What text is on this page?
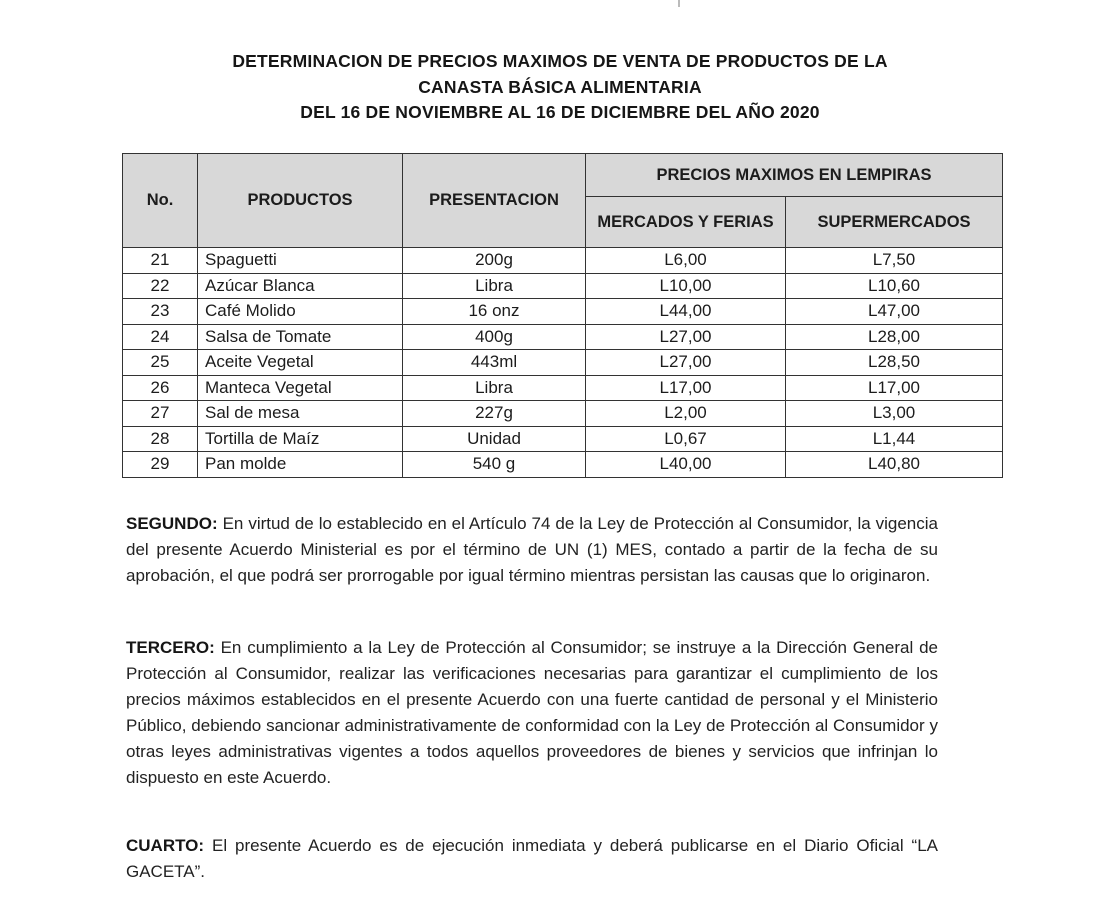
DETERMINACION DE PRECIOS MAXIMOS DE VENTA DE PRODUCTOS DE LA
CANASTA BÁSICA ALIMENTARIA
DEL 16 DE NOVIEMBRE AL 16 DE DICIEMBRE DEL AÑO 2020
No.	PRODUCTOS	PRESENTACION	PRECIOS MAXIMOS EN LEMPIRAS	
			MERCADOS Y FERIAS	SUPERMERCADOS
21	Spaguetti	200g	L6,00	L7,50
22	Azúcar Blanca	Libra	L10,00	L10,60
23	Café Molido	16 onz	L44,00	L47,00
24	Salsa de Tomate	400g	L27,00	L28,00
25	Aceite Vegetal	443ml	L27,00	L28,50
26	Manteca Vegetal	Libra	L17,00	L17,00
27	Sal de mesa	227g	L2,00	L3,00
28	Tortilla de Maíz	Unidad	L0,67	L1,44
29	Pan molde	540 g	L40,00	L40,80

SEGUNDO: En virtud de lo establecido en el Artículo 74 de la Ley de Protección al Consumidor, la vigencia del presente Acuerdo Ministerial es por el término de UN (1) MES, contado a partir de la fecha de su aprobación, el que podrá ser prorrogable por igual término mientras persistan las causas que lo originaron.

TERCERO: En cumplimiento a la Ley de Protección al Consumidor; se instruye a la Dirección General de Protección al Consumidor, realizar las verificaciones necesarias para garantizar el cumplimiento de los precios máximos establecidos en el presente Acuerdo con una fuerte cantidad de personal y el Ministerio Público, debiendo sancionar administrativamente de conformidad con la Ley de Protección al Consumidor y otras leyes administrativas vigentes a todos aquellos proveedores de bienes y servicios que infrinjan lo dispuesto en este Acuerdo.

CUARTO: El presente Acuerdo es de ejecución inmediata y deberá publicarse en el Diario Oficial “LA GACETA”.
